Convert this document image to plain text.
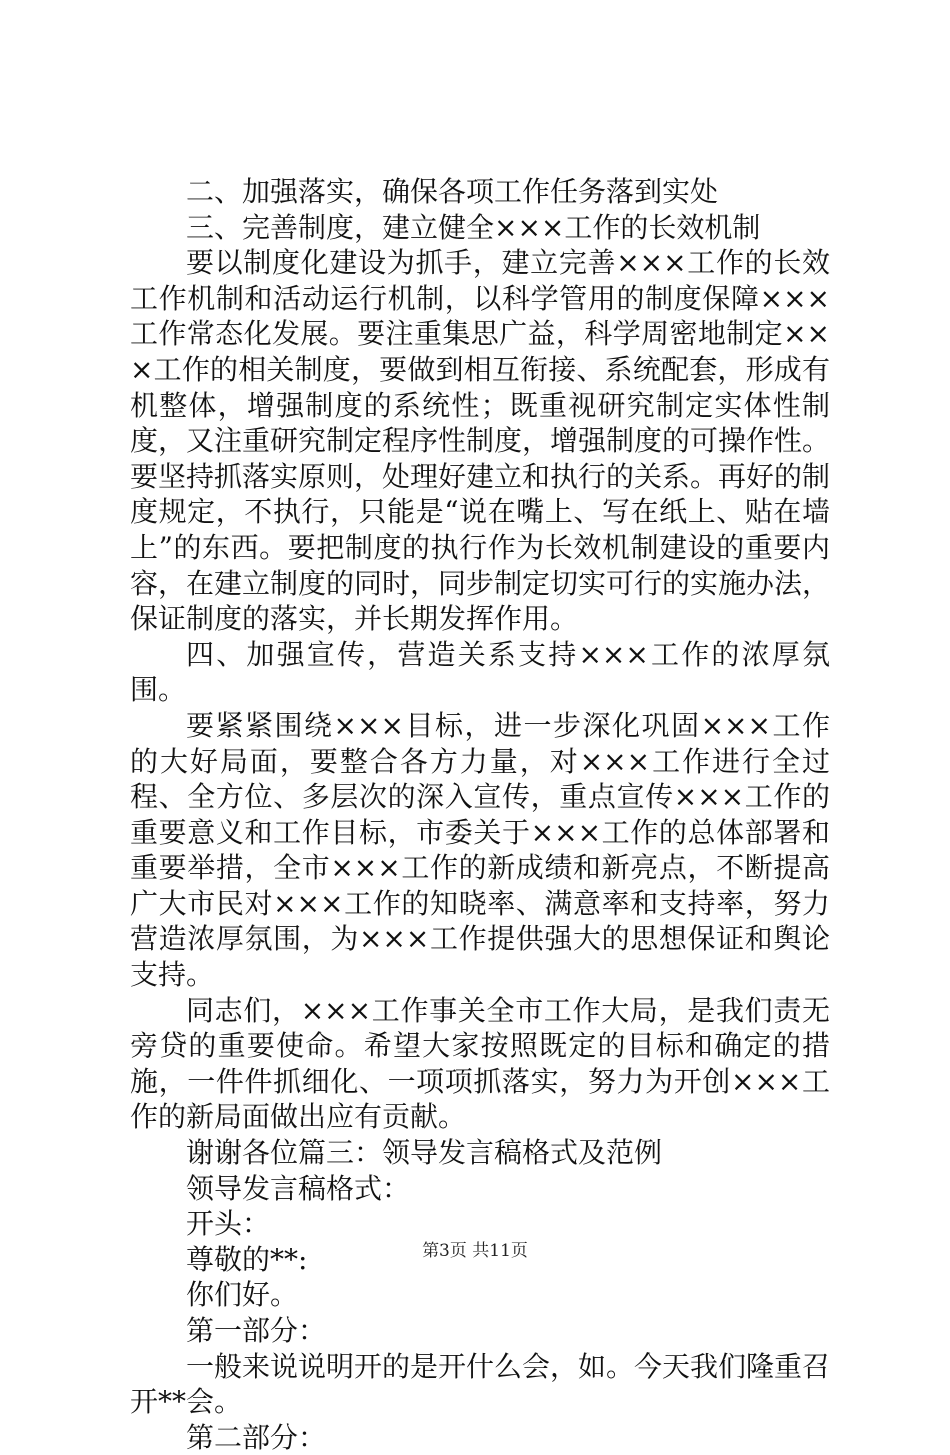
二、加强落实，确保各项工作任务落到实处

三、完善制度，建立健全×××工作的长效机制

要以制度化建设为抓手，建立完善×××工作的长效工作机制和活动运行机制，以科学管用的制度保障×××工作常态化发展。要注重集思广益，科学周密地制定×××工作的相关制度，要做到相互衔接、系统配套，形成有机整体，增强制度的系统性；既重视研究制定实体性制度，又注重研究制定程序性制度，增强制度的可操作性。要坚持抓落实原则，处理好建立和执行的关系。再好的制度规定，不执行，只能是“说在嘴上、写在纸上、贴在墙上”的东西。要把制度的执行作为长效机制建设的重要内容，在建立制度的同时，同步制定切实可行的实施办法，保证制度的落实，并长期发挥作用。

四、加强宣传，营造关系支持×××工作的浓厚氛围。

要紧紧围绕×××目标，进一步深化巩固×××工作的大好局面，要整合各方力量，对×××工作进行全过程、全方位、多层次的深入宣传，重点宣传×××工作的重要意义和工作目标，市委关于×××工作的总体部署和重要举措，全市×××工作的新成绩和新亮点，不断提高广大市民对×××工作的知晓率、满意率和支持率，努力营造浓厚氛围，为×××工作提供强大的思想保证和舆论支持。

同志们，×××工作事关全市工作大局，是我们责无旁贷的重要使命。希望大家按照既定的目标和确定的措施，一件件抓细化、一项项抓落实，努力为开创×××工作的新局面做出应有贡献。

谢谢各位篇三：领导发言稿格式及范例

领导发言稿格式：

开头：

尊敬的**:

你们好。

第一部分：

一般来说说明开的是开什么会，如。今天我们隆重召开**会。

第二部分：

第3页 共11页
